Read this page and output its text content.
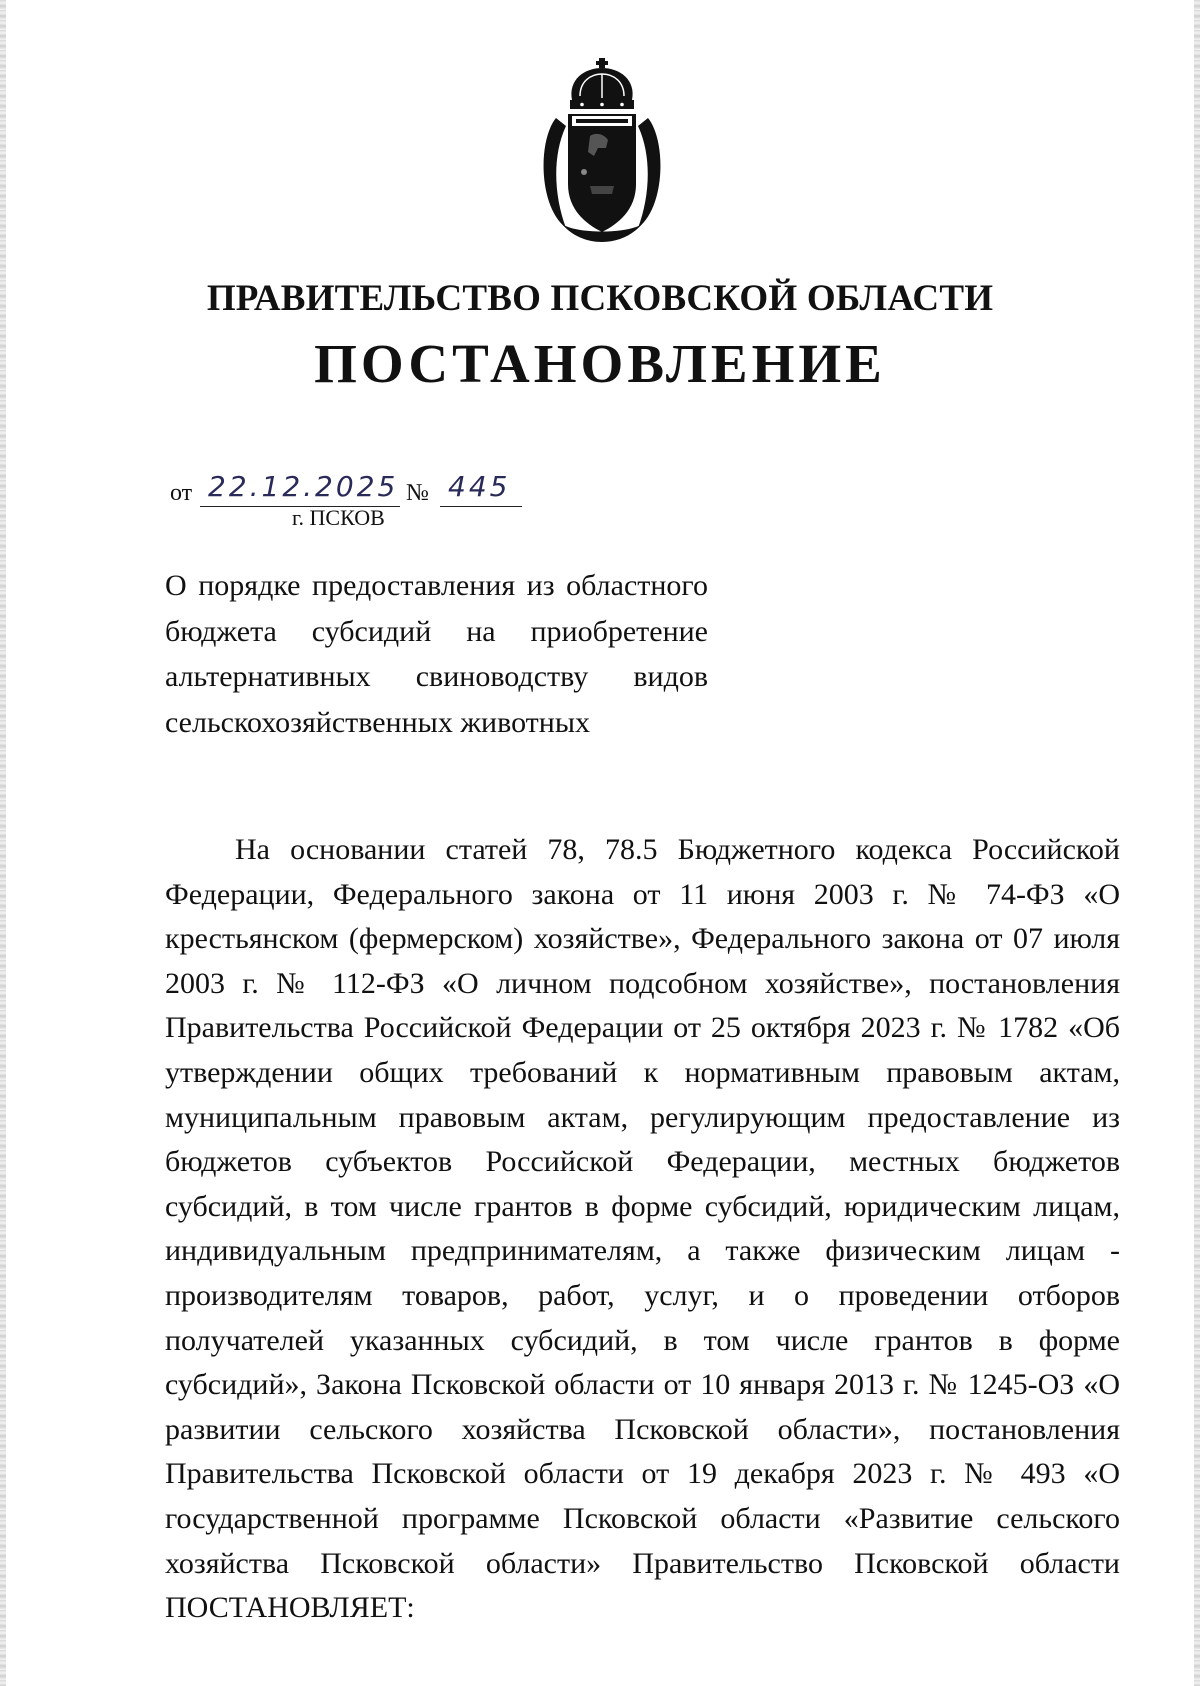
ПРАВИТЕЛЬСТВО ПСКОВСКОЙ ОБЛАСТИ
ПОСТАНОВЛЕНИЕ
от 22.12.2025 № 445
г. ПСКОВ
О порядке предоставления из областного бюджета субсидий на приобретение альтернативных свиноводству видов сельскохозяйственных животных
На основании статей 78, 78.5 Бюджетного кодекса Российской Федерации, Федерального закона от 11 июня 2003 г. № 74-ФЗ «О крестьянском (фермерском) хозяйстве», Федерального закона от 07 июля 2003 г. № 112-ФЗ «О личном подсобном хозяйстве», постановления Правительства Российской Федерации от 25 октября 2023 г. № 1782 «Об утверждении общих требований к нормативным правовым актам, муниципальным правовым актам, регулирующим предоставление из бюджетов субъектов Российской Федерации, местных бюджетов субсидий, в том числе грантов в форме субсидий, юридическим лицам, индивидуальным предпринимателям, а также физическим лицам - производителям товаров, работ, услуг, и о проведении отборов получателей указанных субсидий, в том числе грантов в форме субсидий», Закона Псковской области от 10 января 2013 г. № 1245-ОЗ «О развитии сельского хозяйства Псковской области», постановления Правительства Псковской области от 19 декабря 2023 г. № 493 «О государственной программе Псковской области «Развитие сельского хозяйства Псковской области» Правительство Псковской области ПОСТАНОВЛЯЕТ:
